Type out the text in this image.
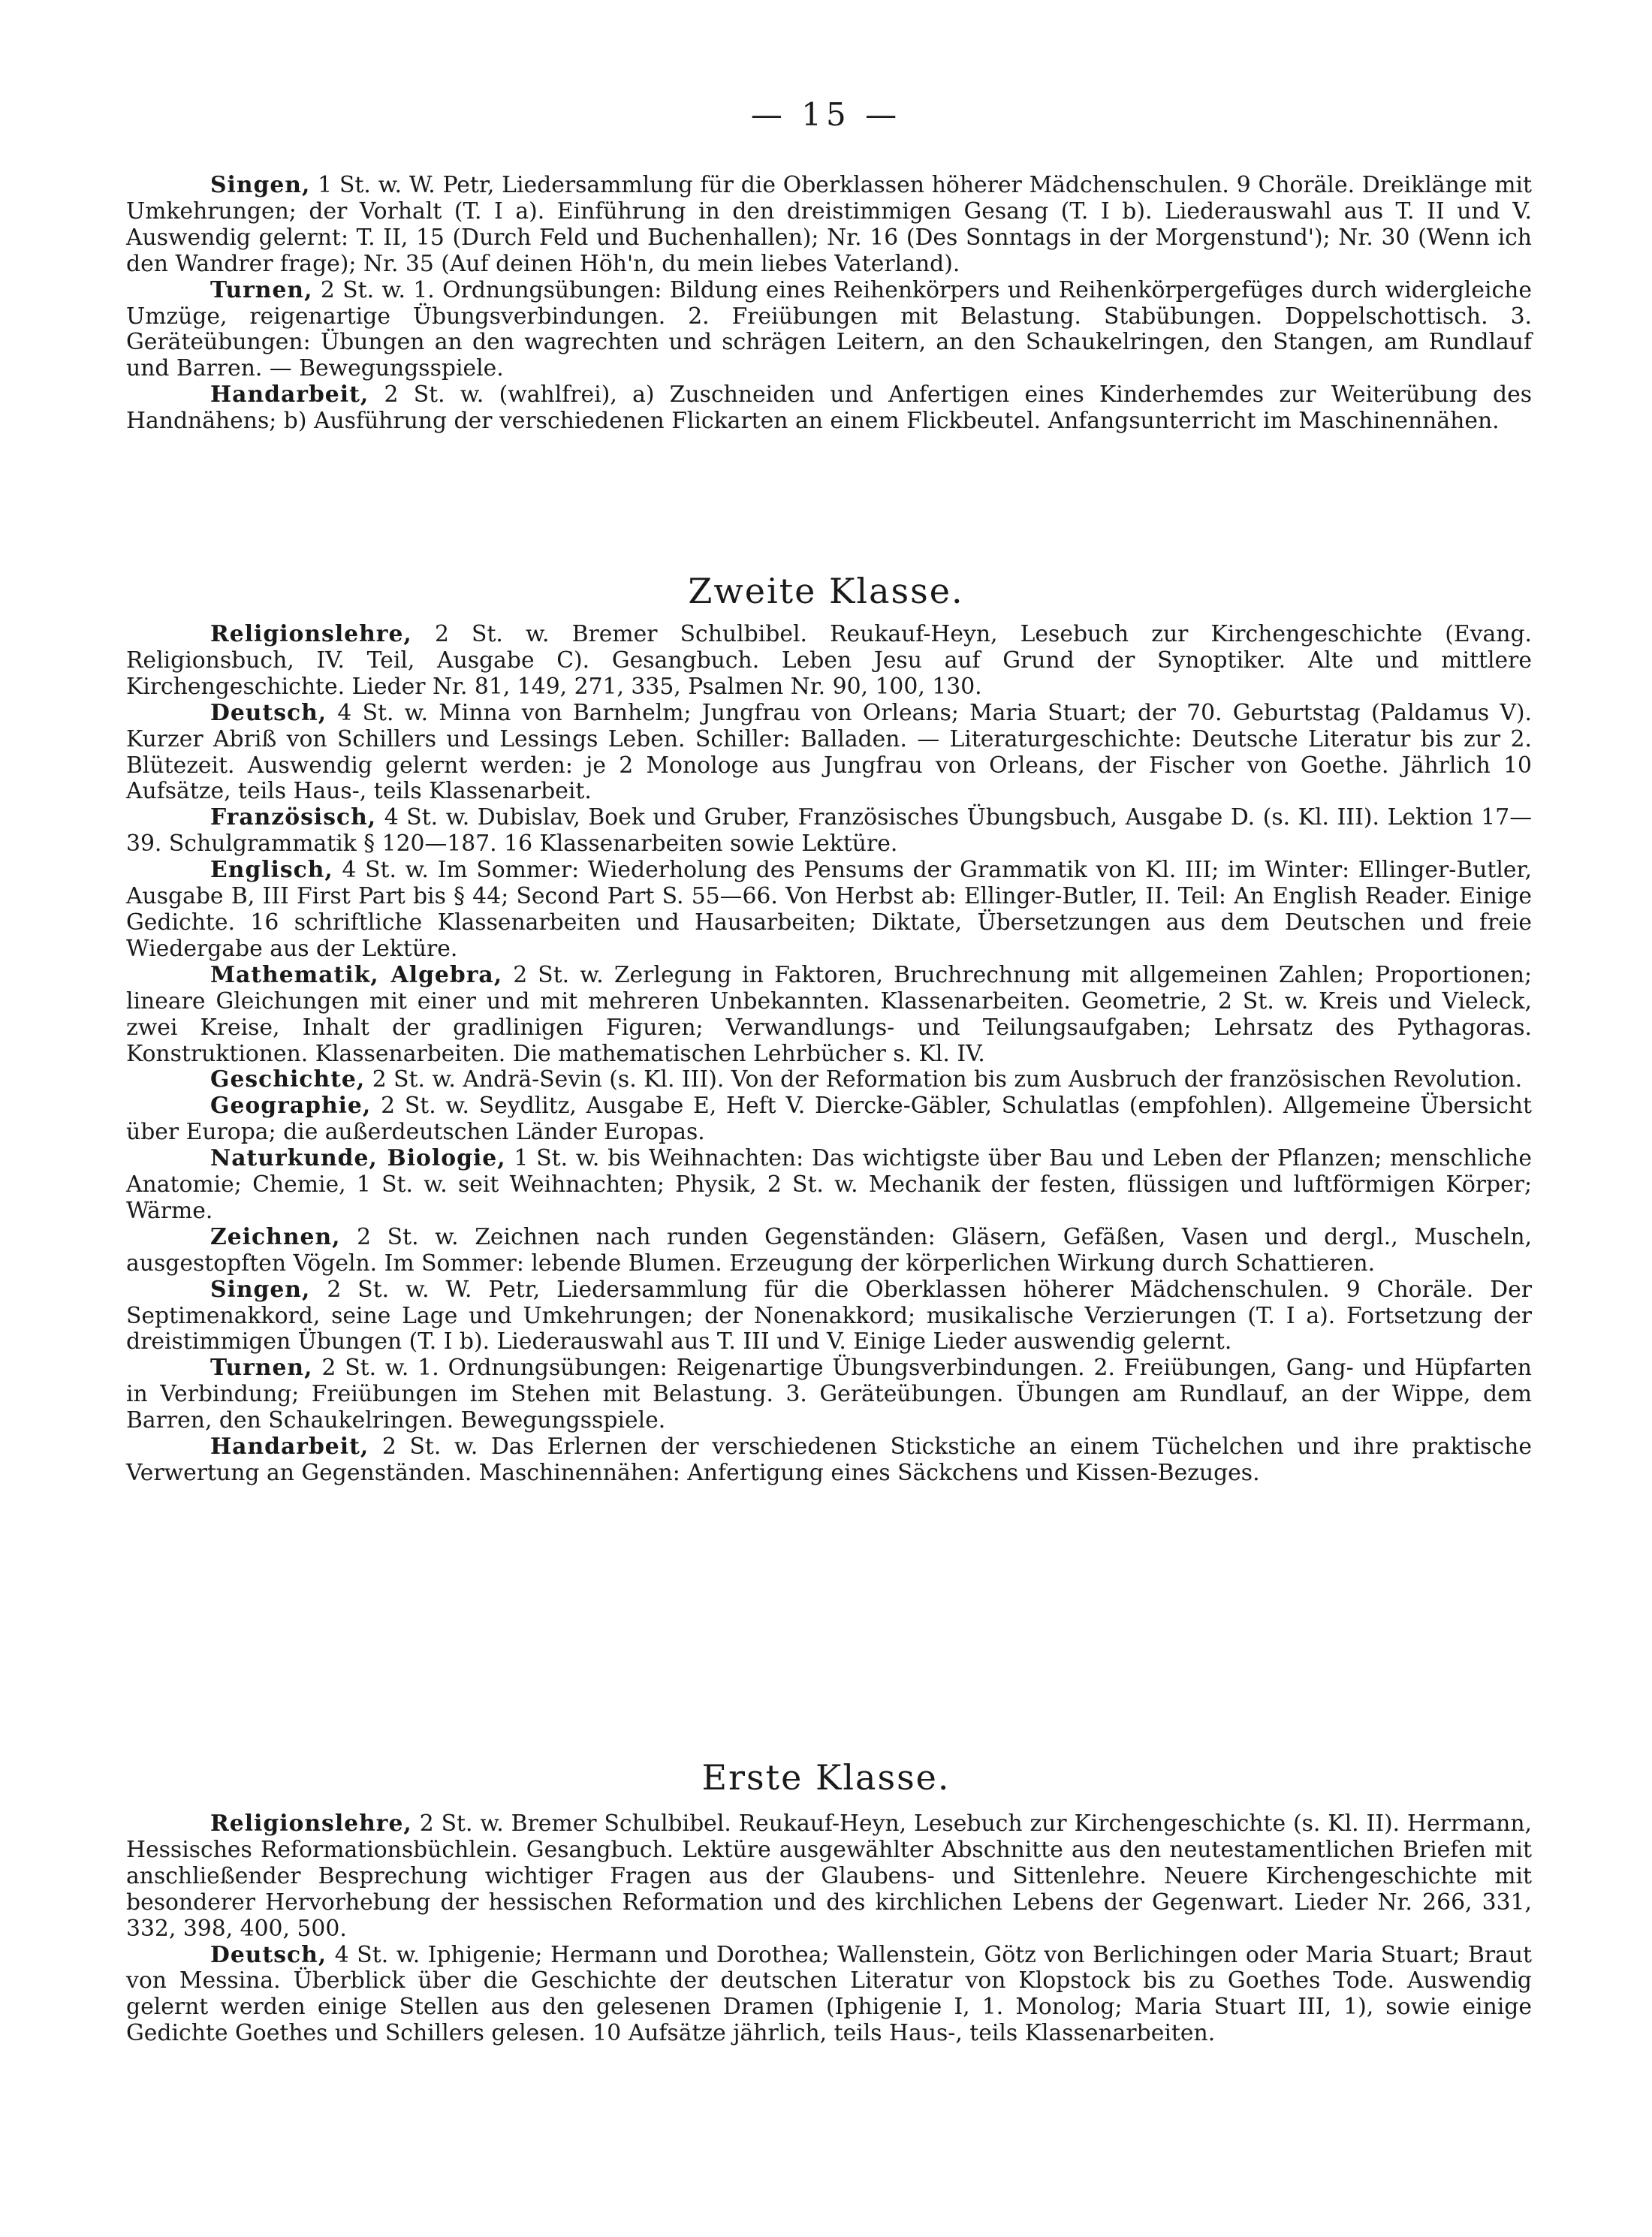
— 15 —

Singen, 1 St. w. W. Petr, Liedersammlung für die Oberklassen höherer Mädchenschulen. 9 Choräle. Dreiklänge mit Umkehrungen; der Vorhalt (T. I a). Einführung in den dreistimmigen Gesang (T. I b). Liederauswahl aus T. II und V. Auswendig gelernt: T. II, 15 (Durch Feld und Buchenhallen); Nr. 16 (Des Sonntags in der Morgenstund'); Nr. 30 (Wenn ich den Wandrer frage); Nr. 35 (Auf deinen Höh'n, du mein liebes Vaterland).

Turnen, 2 St. w. 1. Ordnungsübungen: Bildung eines Reihenkörpers und Reihenkörpergefüges durch widergleiche Umzüge, reigenartige Übungsverbindungen. 2. Freiübungen mit Belastung. Stabübungen. Doppelschottisch. 3. Geräteübungen: Übungen an den wagrechten und schrägen Leitern, an den Schaukelringen, den Stangen, am Rundlauf und Barren. — Bewegungsspiele.

Handarbeit, 2 St. w. (wahlfrei), a) Zuschneiden und Anfertigen eines Kinderhemdes zur Weiterübung des Handnähens; b) Ausführung der verschiedenen Flickarten an einem Flickbeutel. Anfangsunterricht im Maschinennähen.

Zweite Klasse.

Religionslehre, 2 St. w. Bremer Schulbibel. Reukauf-Heyn, Lesebuch zur Kirchengeschichte (Evang. Religionsbuch, IV. Teil, Ausgabe C). Gesangbuch. Leben Jesu auf Grund der Synoptiker. Alte und mittlere Kirchengeschichte. Lieder Nr. 81, 149, 271, 335, Psalmen Nr. 90, 100, 130.

Deutsch, 4 St. w. Minna von Barnhelm; Jungfrau von Orleans; Maria Stuart; der 70. Geburtstag (Paldamus V). Kurzer Abriß von Schillers und Lessings Leben. Schiller: Balladen. — Literaturgeschichte: Deutsche Literatur bis zur 2. Blütezeit. Auswendig gelernt werden: je 2 Monologe aus Jungfrau von Orleans, der Fischer von Goethe. Jährlich 10 Aufsätze, teils Haus-, teils Klassenarbeit.

Französisch, 4 St. w. Dubislav, Boek und Gruber, Französisches Übungsbuch, Ausgabe D. (s. Kl. III). Lektion 17—39. Schulgrammatik § 120—187. 16 Klassenarbeiten sowie Lektüre.

Englisch, 4 St. w. Im Sommer: Wiederholung des Pensums der Grammatik von Kl. III; im Winter: Ellinger-Butler, Ausgabe B, III First Part bis § 44; Second Part S. 55—66. Von Herbst ab: Ellinger-Butler, II. Teil: An English Reader. Einige Gedichte. 16 schriftliche Klassenarbeiten und Hausarbeiten; Diktate, Übersetzungen aus dem Deutschen und freie Wiedergabe aus der Lektüre.

Mathematik, Algebra, 2 St. w. Zerlegung in Faktoren, Bruchrechnung mit allgemeinen Zahlen; Proportionen; lineare Gleichungen mit einer und mit mehreren Unbekannten. Klassenarbeiten. Geometrie, 2 St. w. Kreis und Vieleck, zwei Kreise, Inhalt der gradlinigen Figuren; Verwandlungs- und Teilungsaufgaben; Lehrsatz des Pythagoras. Konstruktionen. Klassenarbeiten. Die mathematischen Lehrbücher s. Kl. IV.

Geschichte, 2 St. w. Andrä-Sevin (s. Kl. III). Von der Reformation bis zum Ausbruch der französischen Revolution.

Geographie, 2 St. w. Seydlitz, Ausgabe E, Heft V. Diercke-Gäbler, Schulatlas (empfohlen). Allgemeine Übersicht über Europa; die außerdeutschen Länder Europas.

Naturkunde, Biologie, 1 St. w. bis Weihnachten: Das wichtigste über Bau und Leben der Pflanzen; menschliche Anatomie; Chemie, 1 St. w. seit Weihnachten; Physik, 2 St. w. Mechanik der festen, flüssigen und luftförmigen Körper; Wärme.

Zeichnen, 2 St. w. Zeichnen nach runden Gegenständen: Gläsern, Gefäßen, Vasen und dergl., Muscheln, ausgestopften Vögeln. Im Sommer: lebende Blumen. Erzeugung der körperlichen Wirkung durch Schattieren.

Singen, 2 St. w. W. Petr, Liedersammlung für die Oberklassen höherer Mädchenschulen. 9 Choräle. Der Septimenakkord, seine Lage und Umkehrungen; der Nonenakkord; musikalische Verzierungen (T. I a). Fortsetzung der dreistimmigen Übungen (T. I b). Liederauswahl aus T. III und V. Einige Lieder auswendig gelernt.

Turnen, 2 St. w. 1. Ordnungsübungen: Reigenartige Übungsverbindungen. 2. Freiübungen, Gang- und Hüpfarten in Verbindung; Freiübungen im Stehen mit Belastung. 3. Geräteübungen. Übungen am Rundlauf, an der Wippe, dem Barren, den Schaukelringen. Bewegungsspiele.

Handarbeit, 2 St. w. Das Erlernen der verschiedenen Stickstiche an einem Tüchelchen und ihre praktische Verwertung an Gegenständen. Maschinennähen: Anfertigung eines Säckchens und Kissen-Bezuges.

Erste Klasse.

Religionslehre, 2 St. w. Bremer Schulbibel. Reukauf-Heyn, Lesebuch zur Kirchengeschichte (s. Kl. II). Herrmann, Hessisches Reformationsbüchlein. Gesangbuch. Lektüre ausgewählter Abschnitte aus den neutestamentlichen Briefen mit anschließender Besprechung wichtiger Fragen aus der Glaubens- und Sittenlehre. Neuere Kirchengeschichte mit besonderer Hervorhebung der hessischen Reformation und des kirchlichen Lebens der Gegenwart. Lieder Nr. 266, 331, 332, 398, 400, 500.

Deutsch, 4 St. w. Iphigenie; Hermann und Dorothea; Wallenstein, Götz von Berlichingen oder Maria Stuart; Braut von Messina. Überblick über die Geschichte der deutschen Literatur von Klopstock bis zu Goethes Tode. Auswendig gelernt werden einige Stellen aus den gelesenen Dramen (Iphigenie I, 1. Monolog; Maria Stuart III, 1), sowie einige Gedichte Goethes und Schillers gelesen. 10 Aufsätze jährlich, teils Haus-, teils Klassenarbeiten.
